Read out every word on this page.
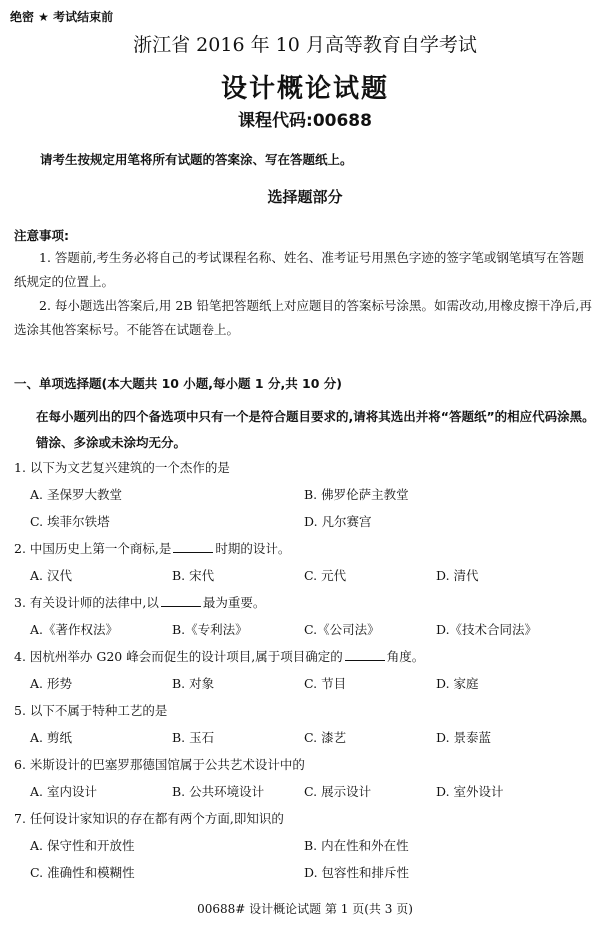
绝密 ★ 考试结束前
浙江省 2016 年 10 月高等教育自学考试
设计概论试题
课程代码:00688
请考生按规定用笔将所有试题的答案涂、写在答题纸上。
选择题部分
注意事项:
1. 答题前,考生务必将自己的考试课程名称、姓名、准考证号用黑色字迹的签字笔或钢笔填写在答题纸规定的位置上。
2. 每小题选出答案后,用 2B 铅笔把答题纸上对应题目的答案标号涂黑。如需改动,用橡皮擦干净后,再选涂其他答案标号。不能答在试题卷上。
一、单项选择题(本大题共 10 小题,每小题 1 分,共 10 分)
在每小题列出的四个备选项中只有一个是符合题目要求的,请将其选出并将“答题纸”的相应代码涂黑。错涂、多涂或未涂均无分。
1. 以下为文艺复兴建筑的一个杰作的是
A. 圣保罗大教堂	B. 佛罗伦萨主教堂
C. 埃菲尔铁塔	D. 凡尔赛宫
2. 中国历史上第一个商标,是	时期的设计。
A. 汉代	B. 宋代	C. 元代	D. 清代
3. 有关设计师的法律中,以	最为重要。
A.《著作权法》	B.《专利法》	C.《公司法》	D.《技术合同法》
4. 因杭州举办 G20 峰会而促生的设计项目,属于项目确定的	角度。
A. 形势	B. 对象	C. 节目	D. 家庭
5. 以下不属于特种工艺的是
A. 剪纸	B. 玉石	C. 漆艺	D. 景泰蓝
6. 米斯设计的巴塞罗那德国馆属于公共艺术设计中的
A. 室内设计	B. 公共环境设计	C. 展示设计	D. 室外设计
7. 任何设计家知识的存在都有两个方面,即知识的
A. 保守性和开放性	B. 内在性和外在性
C. 准确性和模糊性	D. 包容性和排斥性
00688# 设计概论试题 第 1 页(共 3 页)
